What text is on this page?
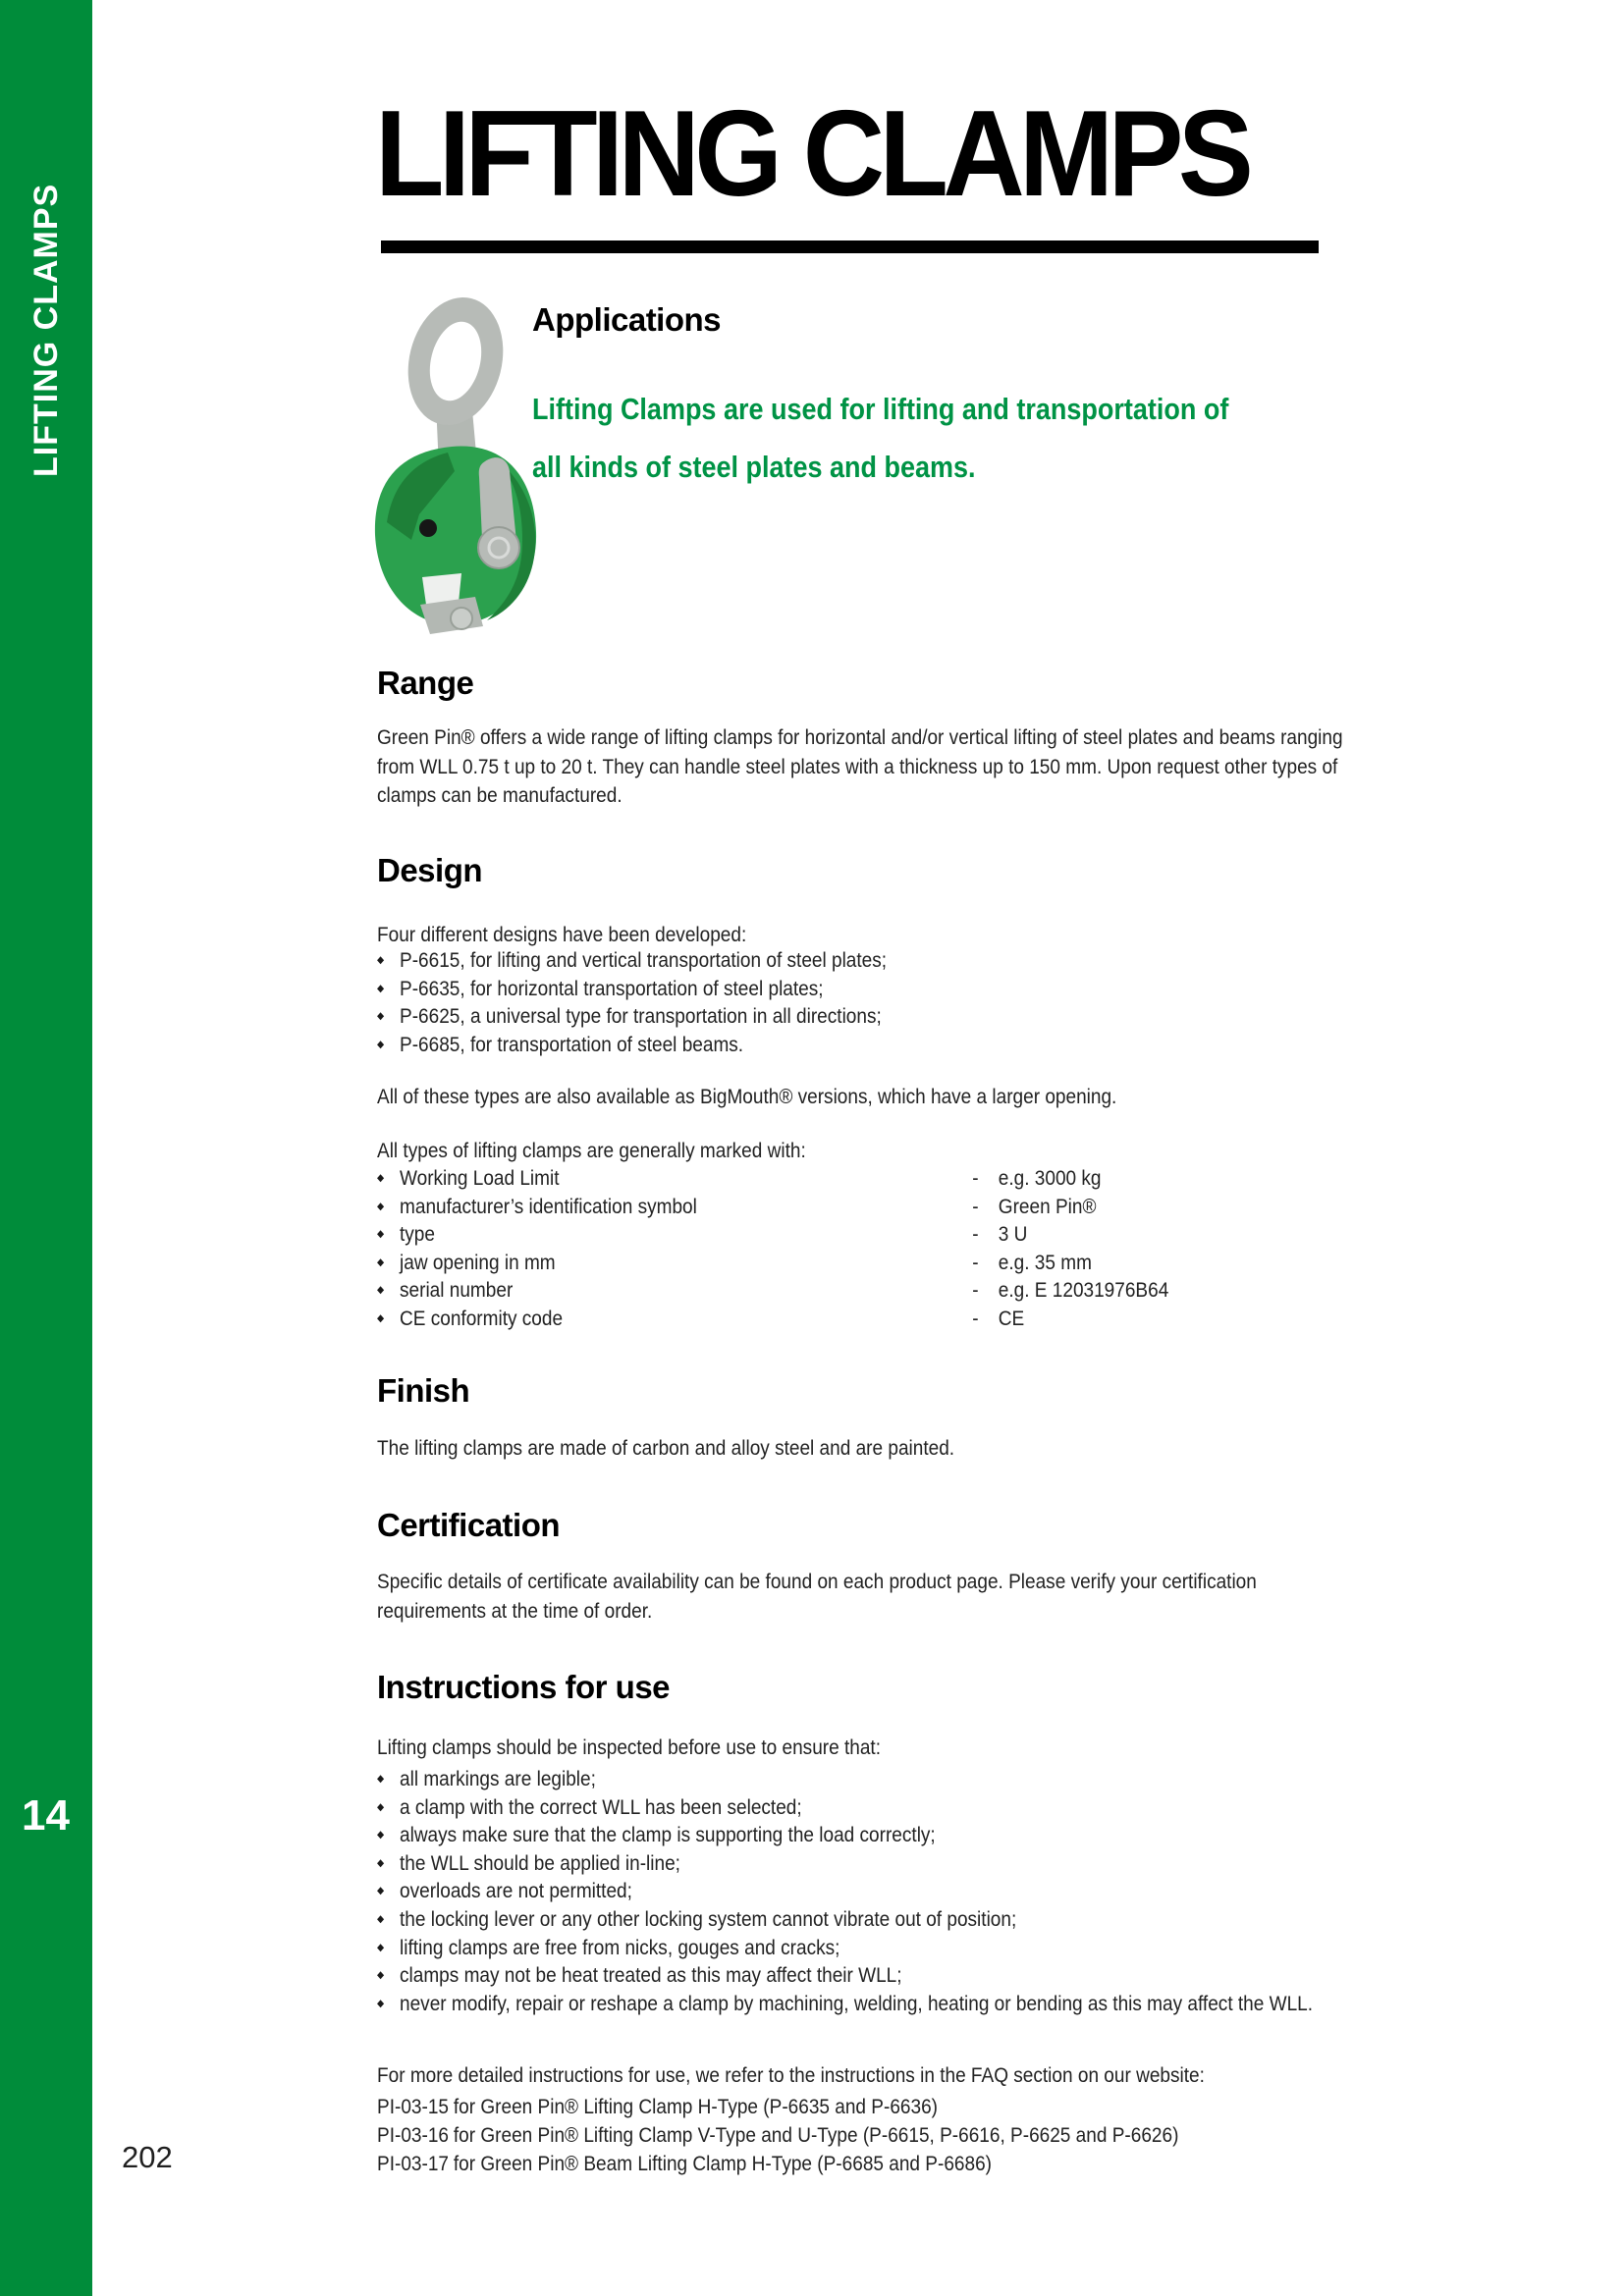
LIFTING CLAMPS
14
202
LIFTING CLAMPS
Applications
Lifting Clamps are used for lifting and transportation of
all kinds of steel plates and beams.
Range

Green Pin® offers a wide range of lifting clamps for horizontal and/or vertical lifting of steel plates and beams ranging from WLL 0.75 t up to 20 t. They can handle steel plates with a thickness up to 150 mm. Upon request other types of clamps can be manufactured.

Design

Four different designs have been developed:

◆ P-6615, for lifting and vertical transportation of steel plates;
◆ P-6635, for horizontal transportation of steel plates;
◆ P-6625, a universal type for transportation in all directions;
◆ P-6685, for transportation of steel beams.

All of these types are also available as BigMouth® versions, which have a larger opening.

All types of lifting clamps are generally marked with:

◆ Working Load Limit	- e.g. 3000 kg
◆ manufacturer’s identification symbol	- Green Pin®
◆ type	- 3 U
◆ jaw opening in mm	- e.g. 35 mm
◆ serial number	- e.g. E 12031976B64
◆ CE conformity code	- CE
Finish

The lifting clamps are made of carbon and alloy steel and are painted.

Certification

Specific details of certificate availability can be found on each product page. Please verify your certification requirements at the time of order.

Instructions for use

Lifting clamps should be inspected before use to ensure that:

◆ all markings are legible;
◆ a clamp with the correct WLL has been selected;
◆ always make sure that the clamp is supporting the load correctly;
◆ the WLL should be applied in-line;
◆ overloads are not permitted;
◆ the locking lever or any other locking system cannot vibrate out of position;
◆ lifting clamps are free from nicks, gouges and cracks;
◆ clamps may not be heat treated as this may affect their WLL;
◆ never modify, repair or reshape a clamp by machining, welding, heating or bending as this may affect the WLL.

For more detailed instructions for use, we refer to the instructions in the FAQ section on our website:

PI-03-15 for Green Pin® Lifting Clamp H-Type (P-6635 and P-6636)
PI-03-16 for Green Pin® Lifting Clamp V-Type and U-Type (P-6615, P-6616, P-6625 and P-6626)
PI-03-17 for Green Pin® Beam Lifting Clamp H-Type (P-6685 and P-6686)
